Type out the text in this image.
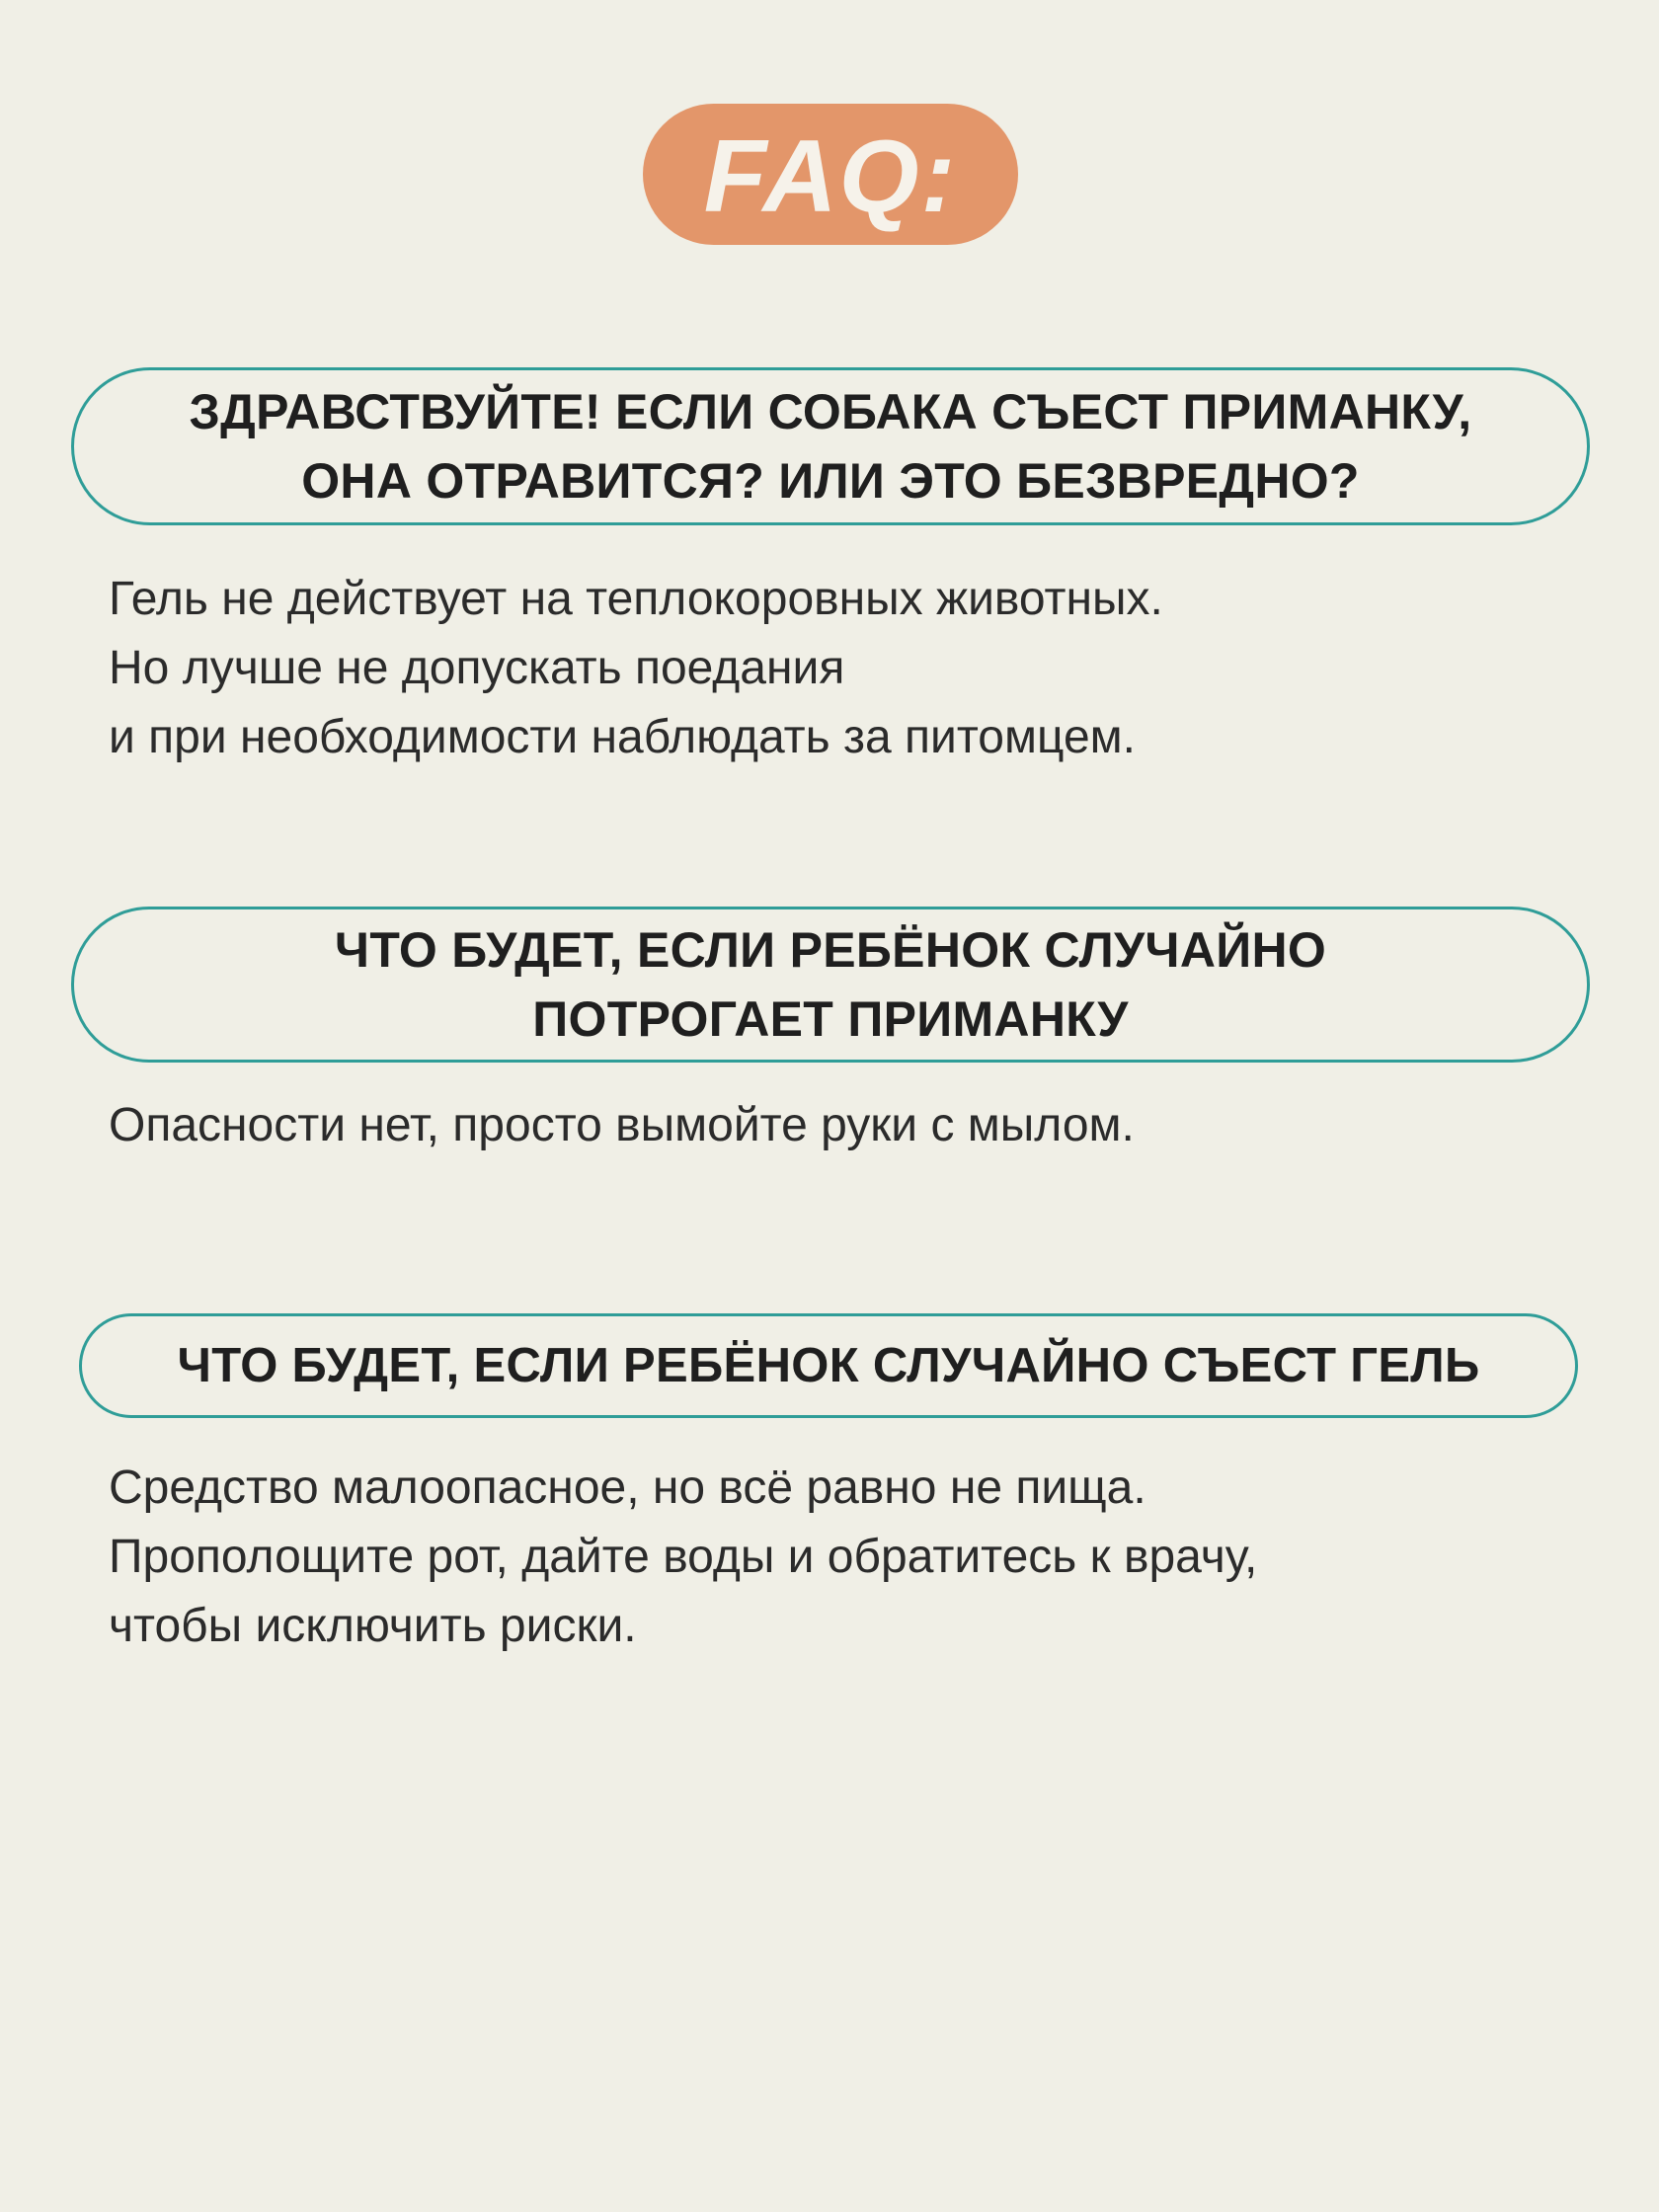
FAQ:
ЗДРАВСТВУЙТЕ! ЕСЛИ СОБАКА СЪЕСТ ПРИМАНКУ,
ОНА ОТРАВИТСЯ? ИЛИ ЭТО БЕЗВРЕДНО?
Гель не действует на теплокоровных животных.
Но лучше не допускать поедания
и при необходимости наблюдать за питомцем.
ЧТО БУДЕТ, ЕСЛИ РЕБЁНОК СЛУЧАЙНО
ПОТРОГАЕТ ПРИМАНКУ
Опасности нет, просто вымойте руки с мылом.
ЧТО БУДЕТ, ЕСЛИ РЕБЁНОК СЛУЧАЙНО СЪЕСТ ГЕЛЬ
Средство малоопасное, но всё равно не пища.
Прополощите рот, дайте воды и обратитесь к врачу,
чтобы исключить риски.
